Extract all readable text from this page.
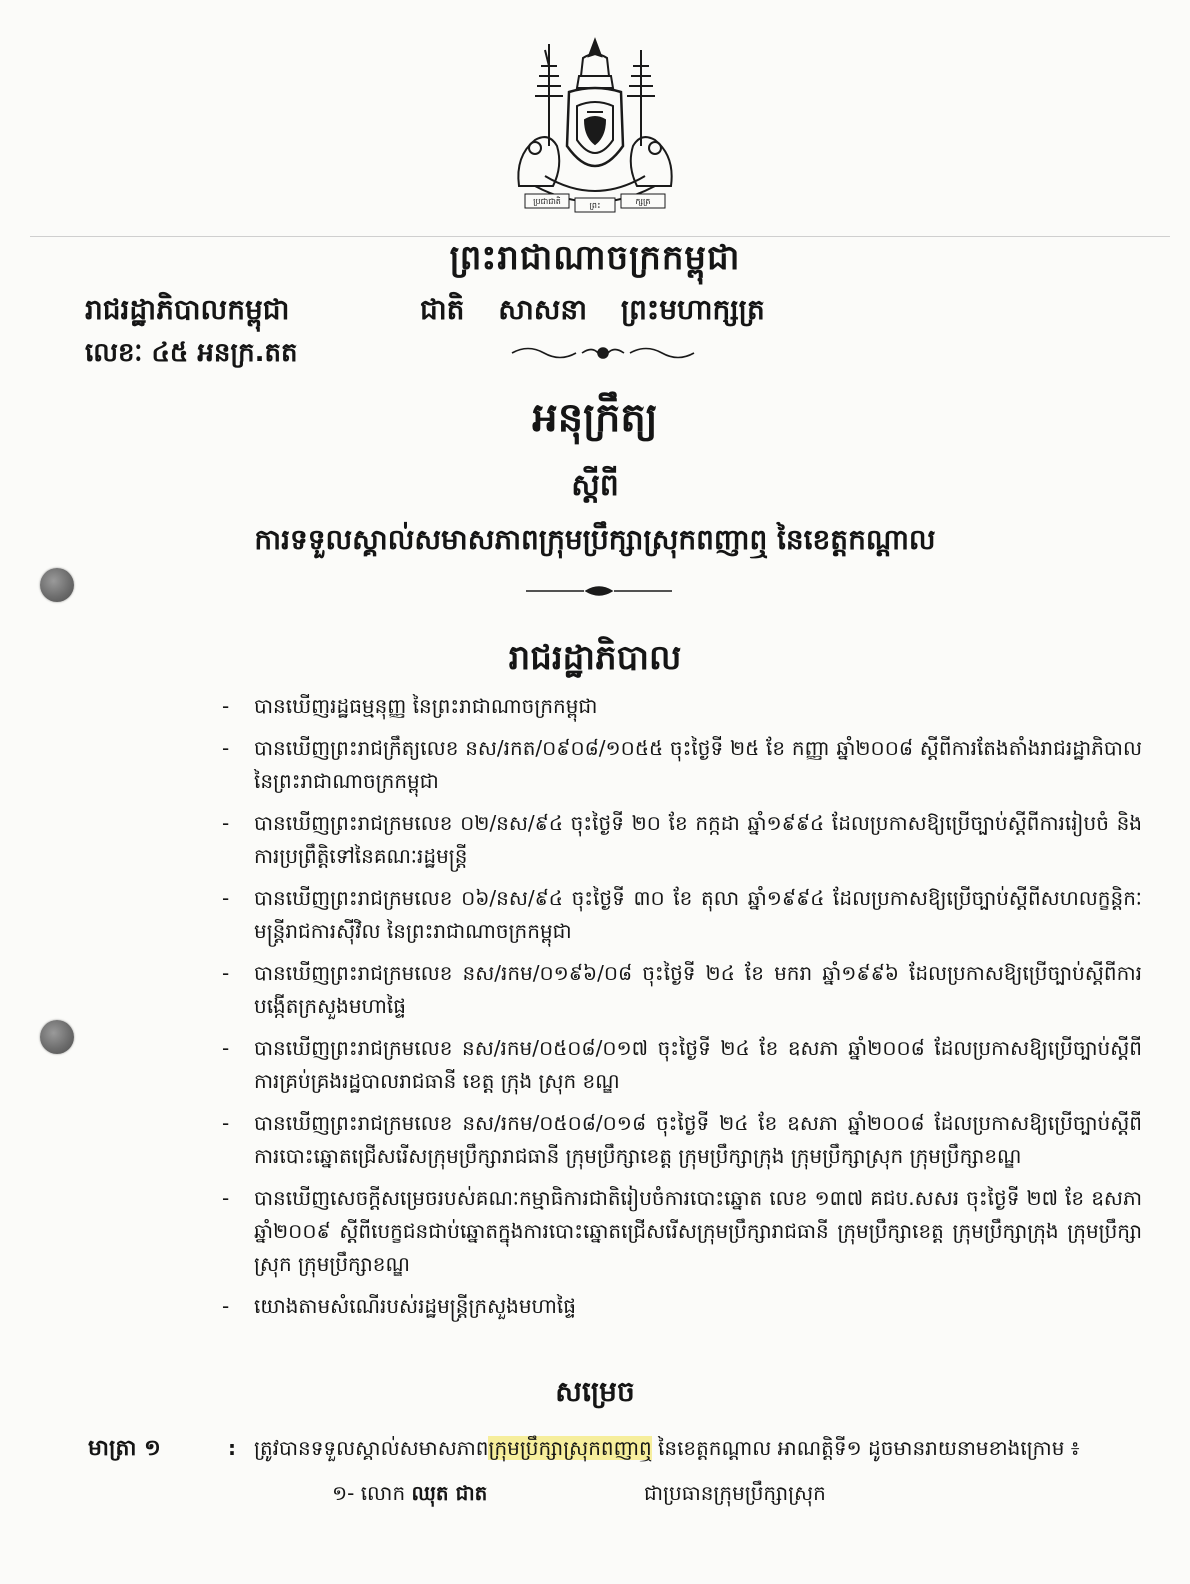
ប្រជាជាតិ	ព្រះ	ក្សត្រ
ព្រះរាជាណាចក្រកម្ពុជា
រាជរដ្ឋាភិបាលកម្ពុជា	ជាតិ សាសនា ព្រះមហាក្សត្រ
លេខៈ ៤៥ អនក្រ.តត
អនុក្រឹត្យ
ស្តីពី
ការទទួលស្គាល់សមាសភាពក្រុមប្រឹក្សាស្រុកពញាឮ នៃខេត្តកណ្តាល
រាជរដ្ឋាភិបាល
-	បានឃើញរដ្ឋធម្មនុញ្ញ នៃព្រះរាជាណាចក្រកម្ពុជា
-	បានឃើញព្រះរាជក្រឹត្យលេខ នស/រកត/០៩០៨/១០៥៥ ចុះថ្ងៃទី ២៥ ខែ កញ្ញា ឆ្នាំ២០០៨ ស្តីពីការតែងតាំងរាជរដ្ឋាភិបាល នៃព្រះរាជាណាចក្រកម្ពុជា
-	បានឃើញព្រះរាជក្រមលេខ ០២/នស/៩៤ ចុះថ្ងៃទី ២០ ខែ កក្កដា ឆ្នាំ១៩៩៤ ដែលប្រកាសឱ្យប្រើច្បាប់ស្តីពីការរៀបចំ និងការប្រព្រឹត្តិទៅនៃគណៈរដ្ឋមន្ត្រី
-	បានឃើញព្រះរាជក្រមលេខ ០៦/នស/៩៤ ចុះថ្ងៃទី ៣០ ខែ តុលា ឆ្នាំ១៩៩៤ ដែលប្រកាសឱ្យប្រើច្បាប់ស្តីពីសហលក្ខន្តិកៈមន្ត្រីរាជការស៊ីវិល នៃព្រះរាជាណាចក្រកម្ពុជា
-	បានឃើញព្រះរាជក្រមលេខ នស/រកម/០១៩៦/០៨ ចុះថ្ងៃទី ២៤ ខែ មករា ឆ្នាំ១៩៩៦ ដែលប្រកាសឱ្យប្រើច្បាប់ស្តីពីការបង្កើតក្រសួងមហាផ្ទៃ
-	បានឃើញព្រះរាជក្រមលេខ នស/រកម/០៥០៨/០១៧ ចុះថ្ងៃទី ២៤ ខែ ឧសភា ឆ្នាំ២០០៨ ដែលប្រកាសឱ្យប្រើច្បាប់ស្តីពីការគ្រប់គ្រងរដ្ឋបាលរាជធានី ខេត្ត ក្រុង ស្រុក ខណ្ឌ
-	បានឃើញព្រះរាជក្រមលេខ នស/រកម/០៥០៨/០១៨ ចុះថ្ងៃទី ២៤ ខែ ឧសភា ឆ្នាំ២០០៨ ដែលប្រកាសឱ្យប្រើច្បាប់ស្តីពីការបោះឆ្នោតជ្រើសរើសក្រុមប្រឹក្សារាជធានី ក្រុមប្រឹក្សាខេត្ត ក្រុមប្រឹក្សាក្រុង ក្រុមប្រឹក្សាស្រុក ក្រុមប្រឹក្សាខណ្ឌ
-	បានឃើញសេចក្តីសម្រេចរបស់គណៈកម្មាធិការជាតិរៀបចំការបោះឆ្នោត លេខ ១៣៧ គជប.សសរ ចុះថ្ងៃទី ២៧ ខែ ឧសភា ឆ្នាំ២០០៩ ស្តីពីបេក្ខជនជាប់ឆ្នោតក្នុងការបោះឆ្នោតជ្រើសរើសក្រុមប្រឹក្សារាជធានី ក្រុមប្រឹក្សាខេត្ត ក្រុមប្រឹក្សាក្រុង ក្រុមប្រឹក្សាស្រុក ក្រុមប្រឹក្សាខណ្ឌ
-	យោងតាមសំណើរបស់រដ្ឋមន្ត្រីក្រសួងមហាផ្ទៃ
សម្រេច
មាត្រា ១	: ត្រូវបានទទួលស្គាល់សមាសភាពក្រុមប្រឹក្សាស្រុកពញាឮ នៃខេត្តកណ្តាល អាណត្តិទី១ ដូចមានរាយនាមខាងក្រោម ៖
១- លោក ឈុត ជាត	ជាប្រធានក្រុមប្រឹក្សាស្រុក
